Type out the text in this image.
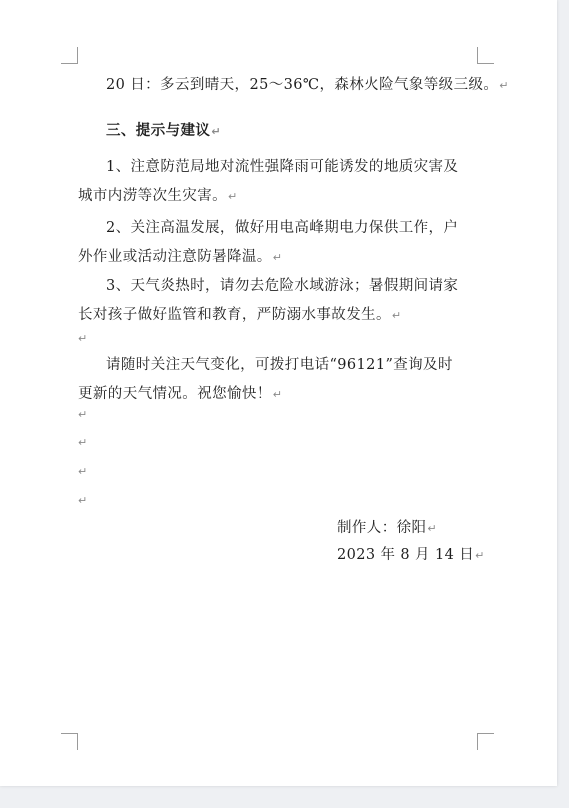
20 日：多云到晴天，25～36℃，森林火险气象等级三级。↵
三、提示与建议↵
1、注意防范局地对流性强降雨可能诱发的地质灾害及
城市内涝等次生灾害。↵
2、关注高温发展，做好用电高峰期电力保供工作，户
外作业或活动注意防暑降温。↵
3、天气炎热时，请勿去危险水域游泳；暑假期间请家
长对孩子做好监管和教育，严防溺水事故发生。↵
↵
请随时关注天气变化，可拨打电话“96121”查询及时
更新的天气情况。祝您愉快！↵
↵
↵
↵
↵
制作人：徐阳↵
2023 年 8 月 14 日↵
